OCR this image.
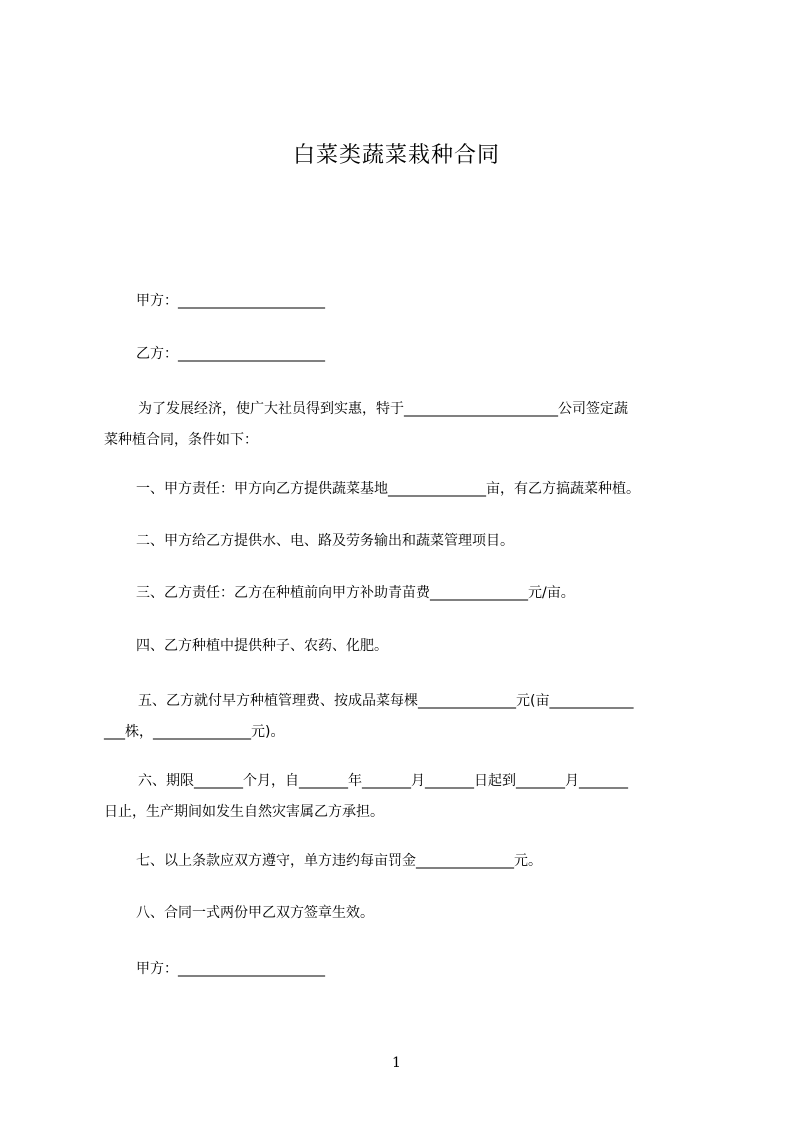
白菜类蔬菜栽种合同
甲方：_____________________
乙方：_____________________
为了发展经济，使广大社员得到实惠，特于______________________公司签定蔬
菜种植合同，条件如下：
一、甲方责任：甲方向乙方提供蔬菜基地______________亩，有乙方搞蔬菜种植。
二、甲方给乙方提供水、电、路及劳务输出和蔬菜管理项目。
三、乙方责任：乙方在种植前向甲方补助青苗费______________元/亩。
四、乙方种植中提供种子、农药、化肥。
五、乙方就付早方种植管理费、按成品菜每棵______________元(亩____________
___株，______________元)。
六、期限_______个月，自_______年_______月_______日起到_______月_______
日止，生产期间如发生自然灾害属乙方承担。
七、以上条款应双方遵守，单方违约每亩罚金______________元。
八、合同一式两份甲乙双方签章生效。
甲方：_____________________
1
